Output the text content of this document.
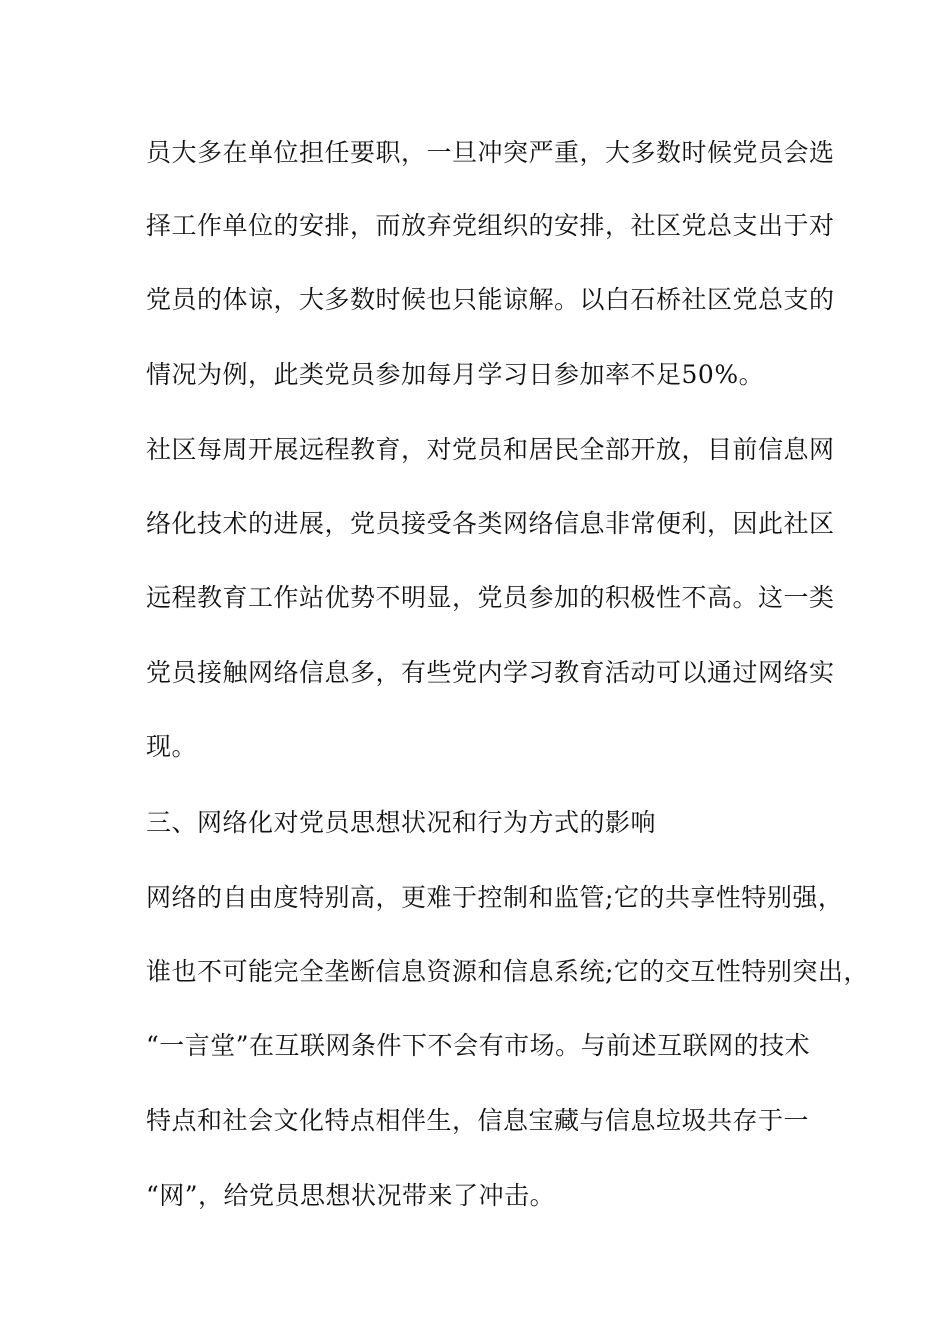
员大多在单位担任要职，一旦冲突严重，大多数时候党员会选

择工作单位的安排，而放弃党组织的安排，社区党总支出于对

党员的体谅，大多数时候也只能谅解。以白石桥社区党总支的

情况为例，此类党员参加每月学习日参加率不足50%。

社区每周开展远程教育，对党员和居民全部开放，目前信息网

络化技术的进展，党员接受各类网络信息非常便利，因此社区

远程教育工作站优势不明显，党员参加的积极性不高。这一类

党员接触网络信息多，有些党内学习教育活动可以通过网络实

现。

三、网络化对党员思想状况和行为方式的影响

网络的自由度特别高，更难于控制和监管;它的共享性特别强，

谁也不可能完全垄断信息资源和信息系统;它的交互性特别突出，

“一言堂”在互联网条件下不会有市场。与前述互联网的技术

特点和社会文化特点相伴生，信息宝藏与信息垃圾共存于一

“网”，给党员思想状况带来了冲击。
